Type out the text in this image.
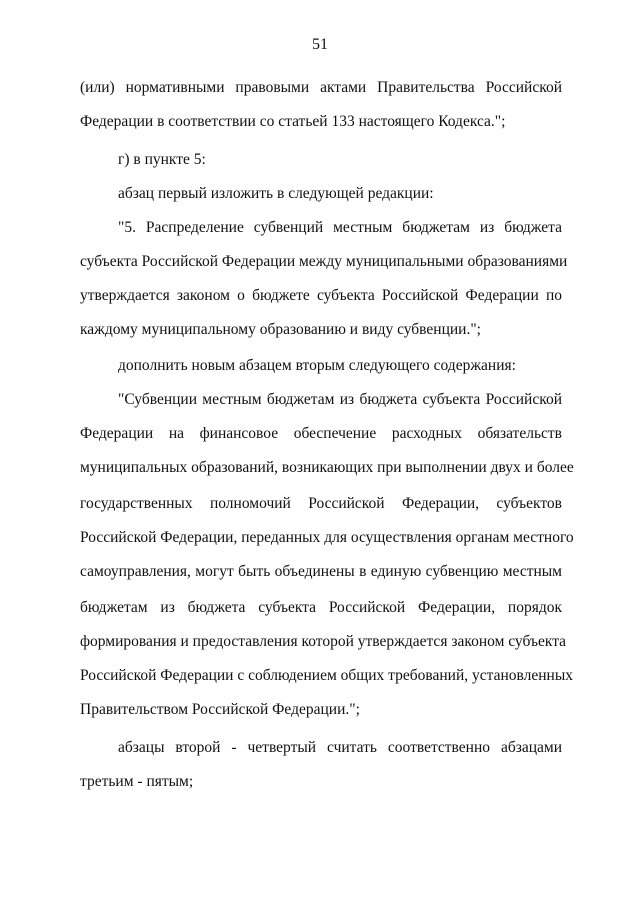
51
(или) нормативными правовыми актами Правительства Российской
Федерации в соответствии со статьей 133 настоящего Кодекса.";
г) в пункте 5:
абзац первый изложить в следующей редакции:
"5. Распределение субвенций местным бюджетам из бюджета
субъекта Российской Федерации между муниципальными образованиями
утверждается законом о бюджете субъекта Российской Федерации по
каждому муниципальному образованию и виду субвенции.";
дополнить новым абзацем вторым следующего содержания:
"Субвенции местным бюджетам из бюджета субъекта Российской
Федерации на финансовое обеспечение расходных обязательств
муниципальных образований, возникающих при выполнении двух и более
государственных полномочий Российской Федерации, субъектов
Российской Федерации, переданных для осуществления органам местного
самоуправления, могут быть объединены в единую субвенцию местным
бюджетам из бюджета субъекта Российской Федерации, порядок
формирования и предоставления которой утверждается законом субъекта
Российской Федерации с соблюдением общих требований, установленных
Правительством Российской Федерации.";
абзацы второй - четвертый считать соответственно абзацами
третьим - пятым;
